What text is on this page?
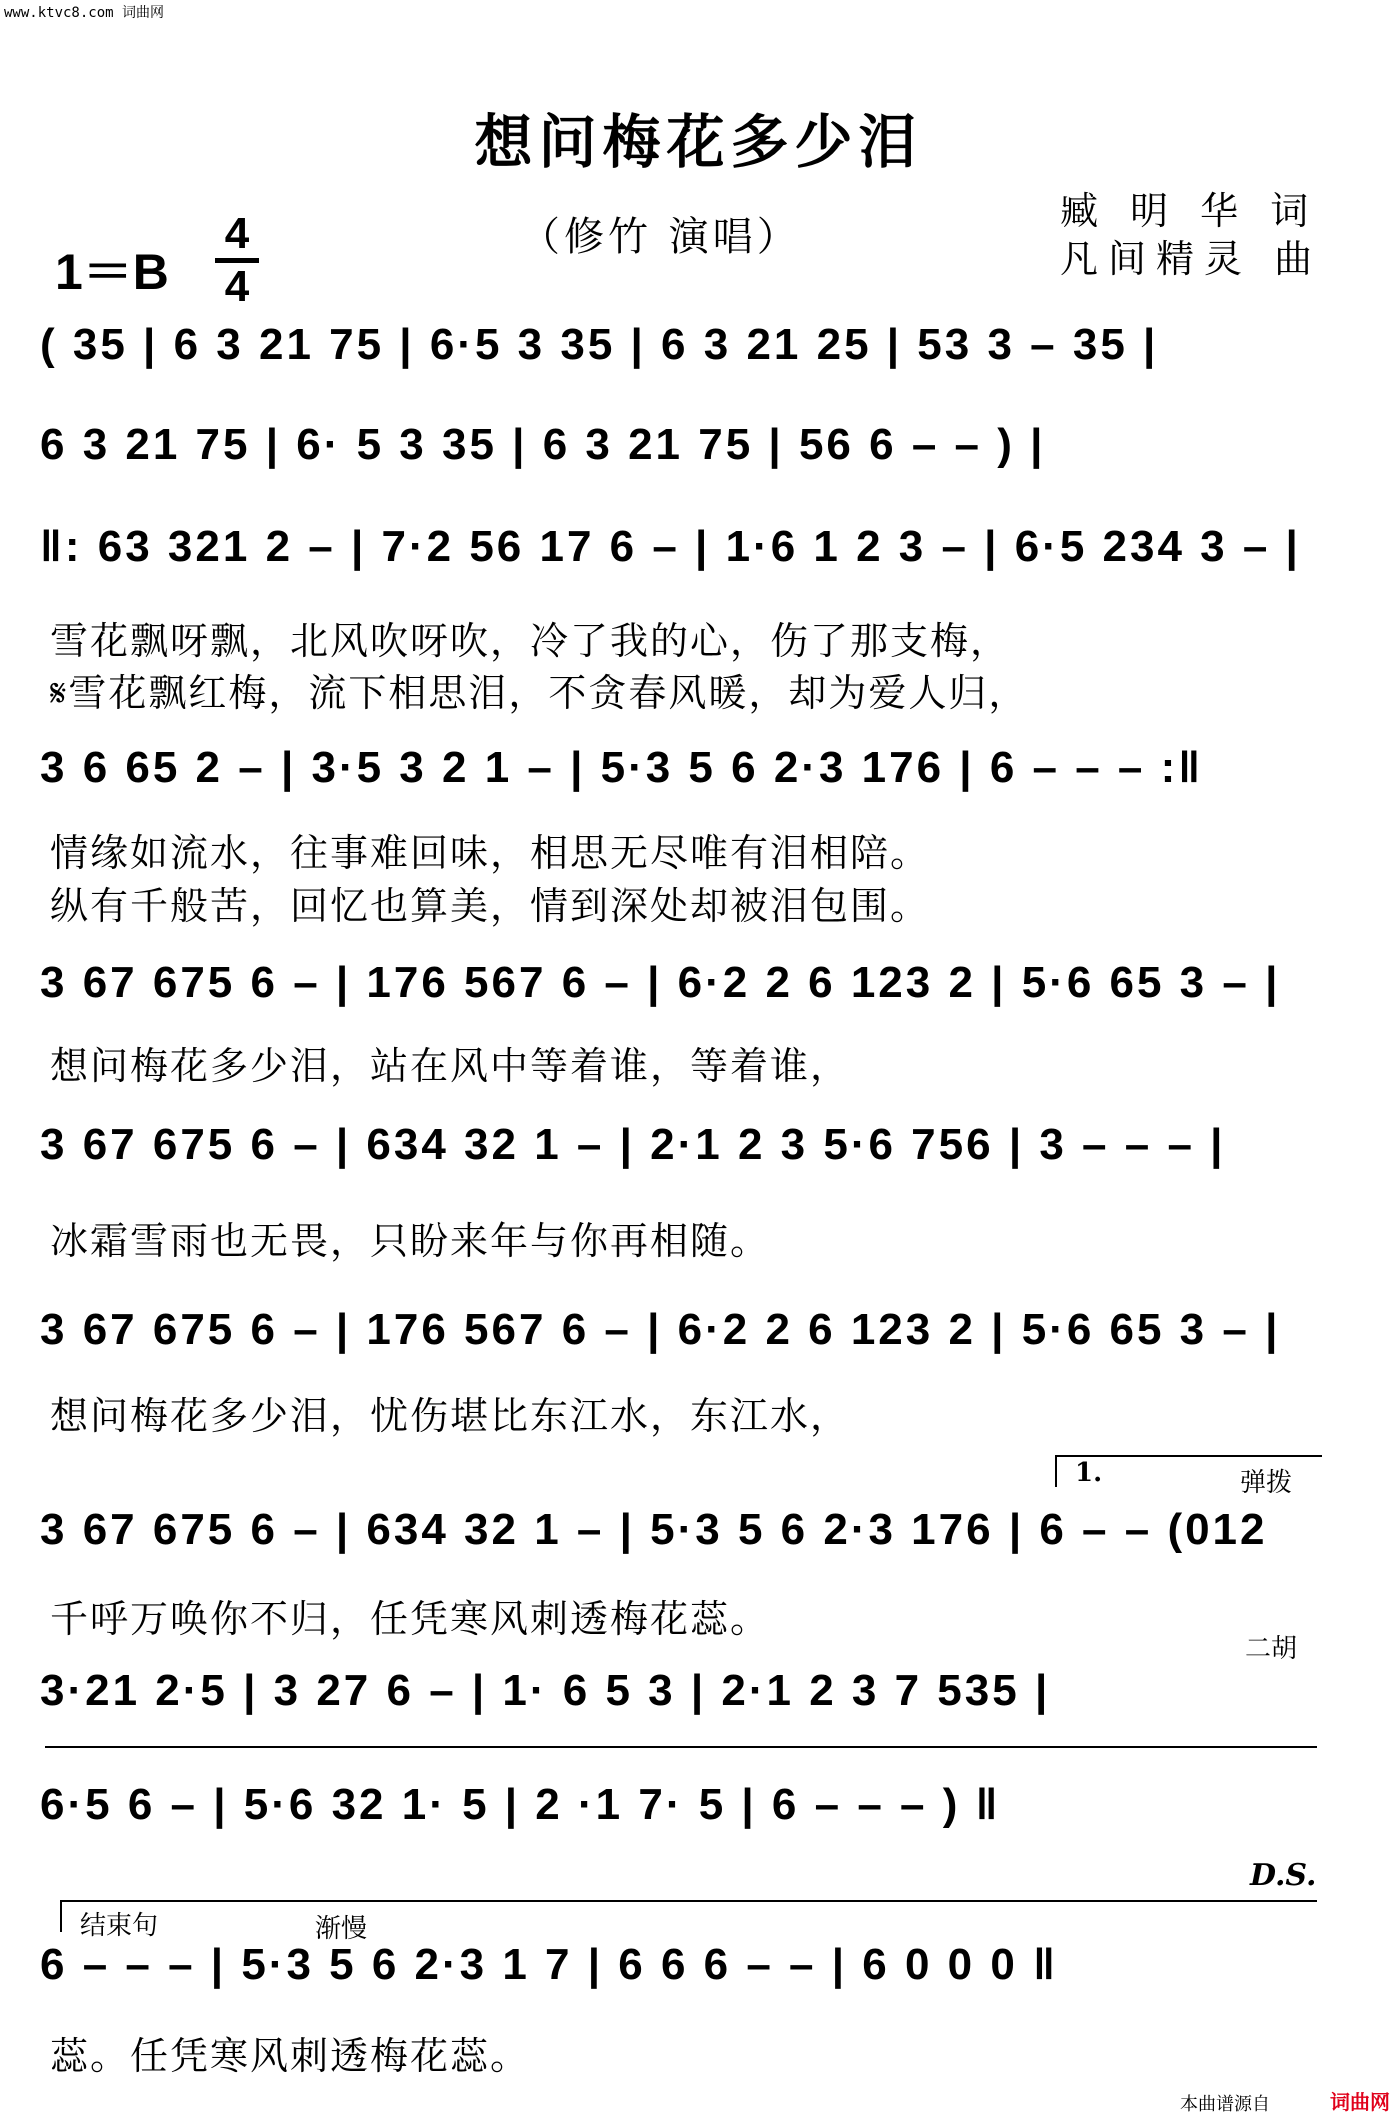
www.ktvc8.com 词曲网
想问梅花多少泪
（修竹 演唱）
臧 明 华 词
凡间精灵 曲
1＝B
4
4
( 35 | 6 3 21 75 | 6·5 3 35 | 6 3 21 25 | 53 3 – 35 |
6 3 21 75 | 6· 5 3 35 | 6 3 21 75 | 56 6 – – ) |
‖: 63 321 2 – | 7·2 56 17 6 – | 1·6 1 2 3 – | 6·5 234 3 – |
雪花飘呀飘，北风吹呀吹，冷了我的心，伤了那支梅，
𝄋雪花飘红梅，流下相思泪，不贪春风暖，却为爱人归，
3 6 65 2 – | 3·5 3 2 1 – | 5·3 5 6 2·3 176 | 6 – – – :‖
情缘如流水，往事难回味，相思无尽唯有泪相陪。
纵有千般苦，回忆也算美，情到深处却被泪包围。
3 67 675 6 – | 176 567 6 – | 6·2 2 6 123 2 | 5·6 65 3 – |
想问梅花多少泪，站在风中等着谁，等着谁，
3 67 675 6 – | 634 32 1 – | 2·1 2 3 5·6 756 | 3 – – – |
冰霜雪雨也无畏，只盼来年与你再相随。
3 67 675 6 – | 176 567 6 – | 6·2 2 6 123 2 | 5·6 65 3 – |
想问梅花多少泪，忧伤堪比东江水，东江水，
1.	弹拨
3 67 675 6 – | 634 32 1 – | 5·3 5 6 2·3 176 | 6 – – (012
千呼万唤你不归，任凭寒风刺透梅花蕊。
二胡
3·21 2·5 | 3 27 6 – | 1· 6 5 3 | 2·1 2 3 7 535 |
6·5 6 – | 5·6 32 1· 5 | 2 ·1 7· 5 | 6 – – – ) ‖
D.S.
结束句	渐慢
6 – – – | 5·3 5 6 2·3 1 7 | 6 6 6 – – | 6 0 0 0 ‖
蕊。任凭寒风刺透梅花蕊。
本曲谱源自	词曲网
